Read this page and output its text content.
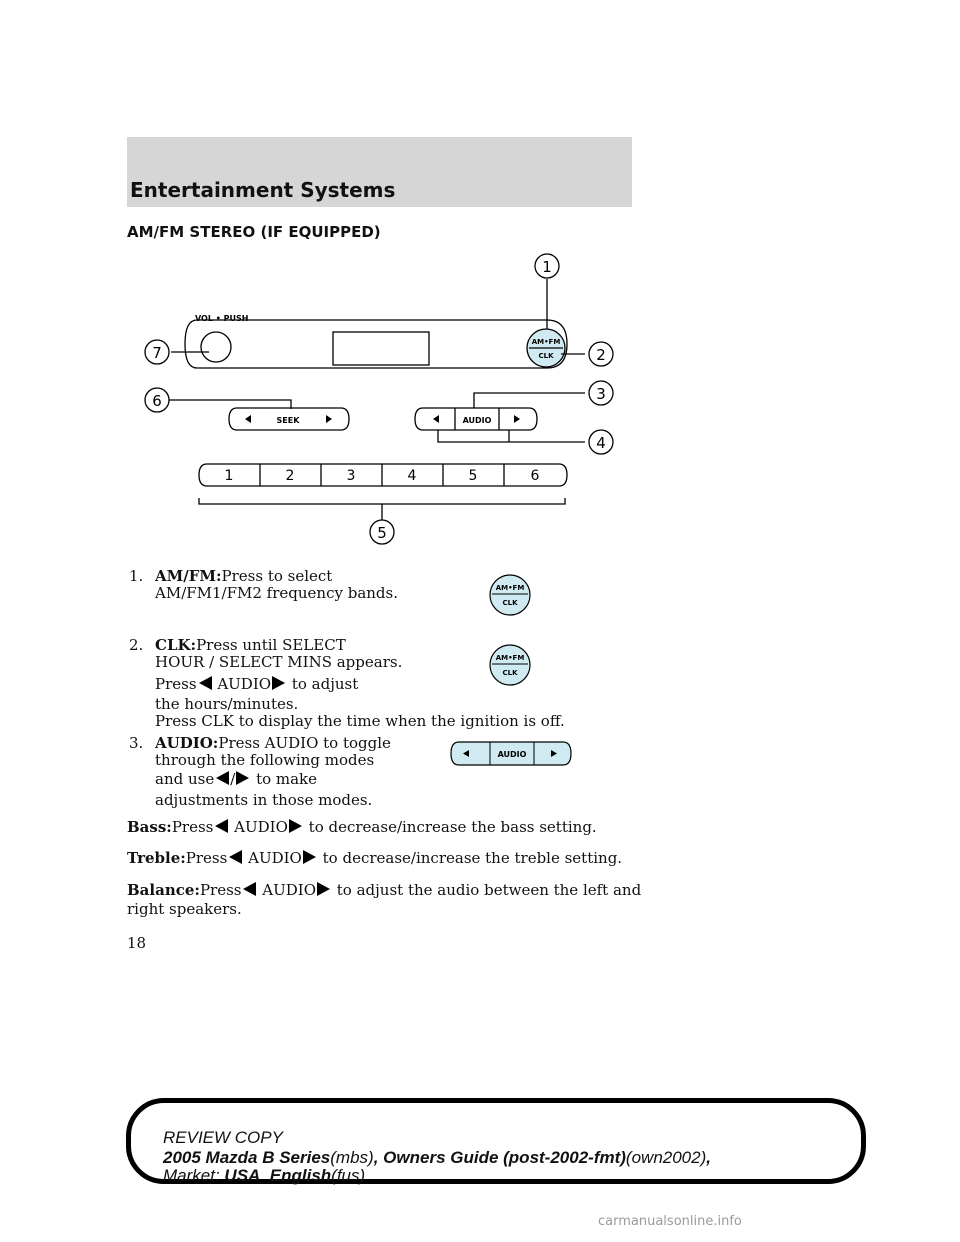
Entertainment Systems
AM/FM STEREO (IF EQUIPPED)
VOL • PUSH
AM•FM
CLK
SEEK	AUDIO
1	2	3	4	5	6
1
2
3
4
5
6
7
1. AM/FM:Press to select
AM/FM1/FM2 frequency bands.	AM•FM
CLK
2. CLK:Press until SELECT
HOUR / SELECT MINS appears.
Press AUDIO to adjust
the hours/minutes.
Press CLK to display the time when the ignition is off.
AM•FM
CLK
3. AUDIO:Press AUDIO to toggle
through the following modes
and use / to make
adjustments in those modes.
AUDIO
Bass:Press AUDIO to decrease/increase the bass setting.
Treble:Press AUDIO to decrease/increase the treble setting.
Balance:Press AUDIO to adjust the audio between the left and
right speakers.
18
REVIEW COPY
2005 Mazda B Series(mbs), Owners Guide (post-2002-fmt)(own2002),
Market: USA_English(fus)
carmanualsonline.info
